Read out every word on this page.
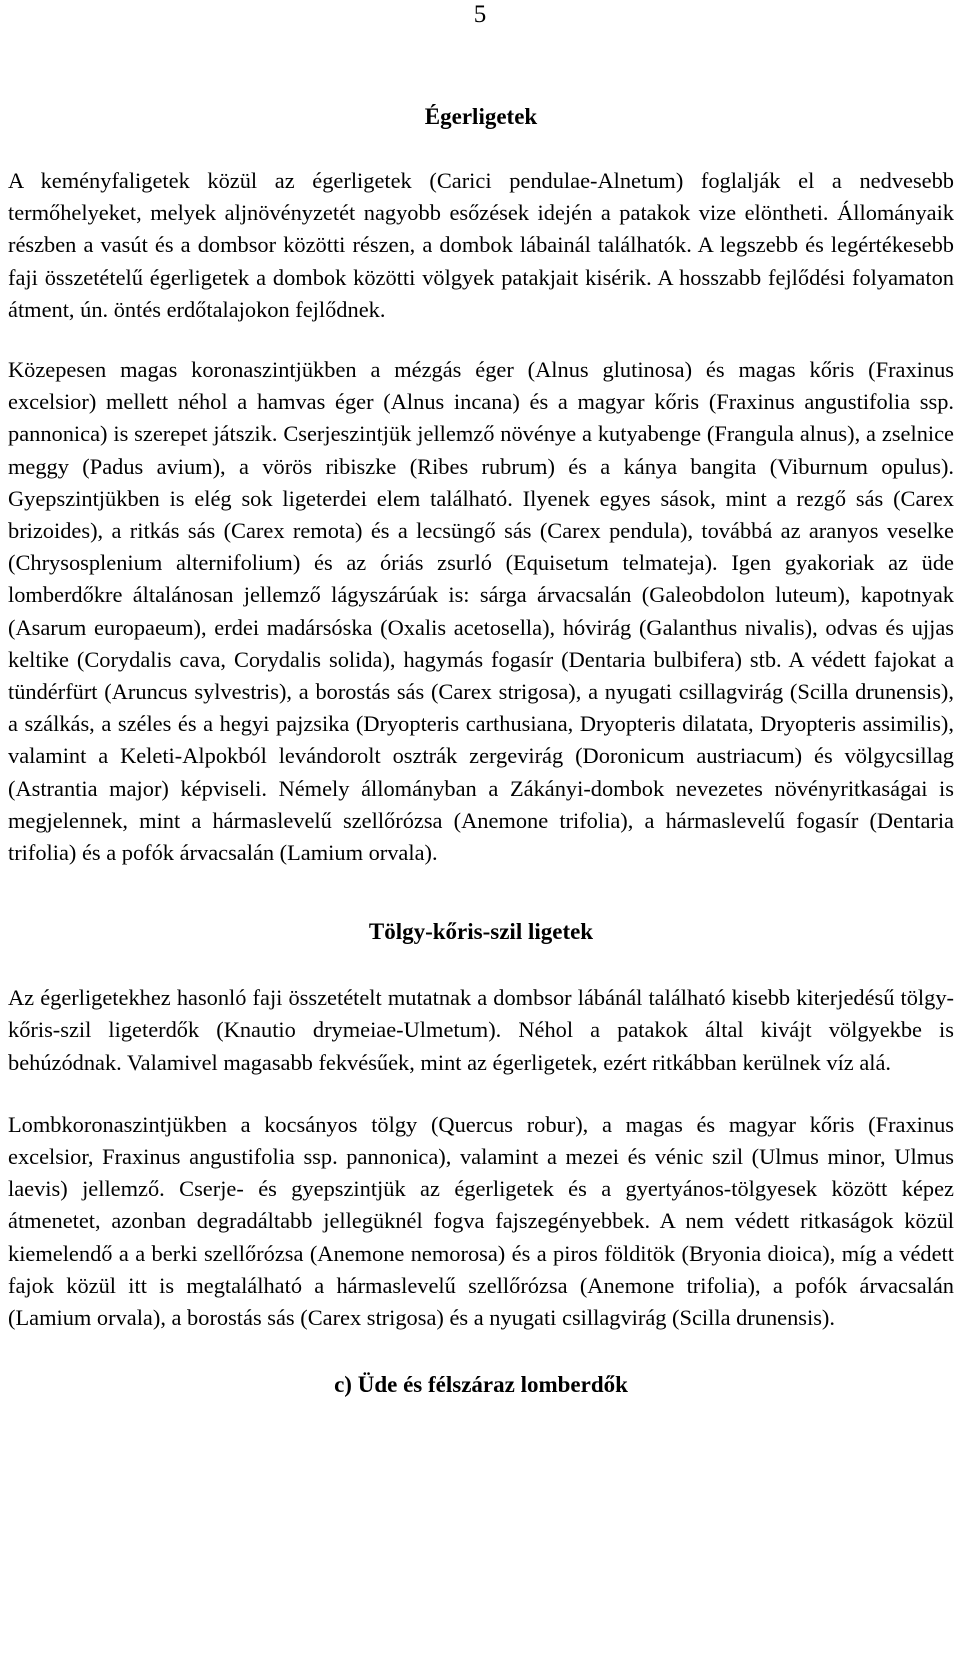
5
Égerligetek

A keményfaligetek közül az égerligetek (Carici pendulae-Alnetum) foglalják el a nedvesebb termőhelyeket, melyek aljnövényzetét nagyobb esőzések idején a patakok vize elöntheti. Állományaik részben a vasút és a dombsor közötti részen, a dombok lábainál találhatók. A legszebb és legértékesebb faji összetételű égerligetek a dombok közötti völgyek patakjait kisérik. A hosszabb fejlődési folyamaton átment, ún. öntés erdőtalajokon fejlődnek.

Közepesen magas koronaszintjükben a mézgás éger (Alnus glutinosa) és magas kőris (Fraxinus excelsior) mellett néhol a hamvas éger (Alnus incana) és a magyar kőris (Fraxinus angustifolia ssp. pannonica) is szerepet játszik. Cserjeszintjük jellemző növénye a kutyabenge (Frangula alnus), a zselnice meggy (Padus avium), a vörös ribiszke (Ribes rubrum) és a kánya bangita (Viburnum opulus). Gyepszintjükben is elég sok ligeterdei elem található. Ilyenek egyes sások, mint a rezgő sás (Carex brizoides), a ritkás sás (Carex remota) és a lecsüngő sás (Carex pendula), továbbá az aranyos veselke (Chrysosplenium alternifolium) és az óriás zsurló (Equisetum telmateja). Igen gyakoriak az üde lomberdőkre általánosan jellemző lágyszárúak is: sárga árvacsalán (Galeobdolon luteum), kapotnyak (Asarum europaeum), erdei madársóska (Oxalis acetosella), hóvirág (Galanthus nivalis), odvas és ujjas keltike (Corydalis cava, Corydalis solida), hagymás fogasír (Dentaria bulbifera) stb. A védett fajokat a tündérfürt (Aruncus sylvestris), a borostás sás (Carex strigosa), a nyugati csillagvirág (Scilla drunensis), a szálkás, a széles és a hegyi pajzsika (Dryopteris carthusiana, Dryopteris dilatata, Dryopteris assimilis), valamint a Keleti-Alpokból levándorolt osztrák zergevirág (Doronicum austriacum) és völgycsillag (Astrantia major) képviseli. Némely állományban a Zákányi-dombok nevezetes növényritkaságai is megjelennek, mint a hármaslevelű szellőrózsa (Anemone trifolia), a hármaslevelű fogasír (Dentaria trifolia) és a pofók árvacsalán (Lamium orvala).

Tölgy-kőris-szil ligetek

Az égerligetekhez hasonló faji összetételt mutatnak a dombsor lábánál található kisebb kiterjedésű tölgy-kőris-szil ligeterdők (Knautio drymeiae-Ulmetum). Néhol a patakok által kivájt völgyekbe is behúzódnak. Valamivel magasabb fekvésűek, mint az égerligetek, ezért ritkábban kerülnek víz alá.

Lombkoronaszintjükben a kocsányos tölgy (Quercus robur), a magas és magyar kőris (Fraxinus excelsior, Fraxinus angustifolia ssp. pannonica), valamint a mezei és vénic szil (Ulmus minor, Ulmus laevis) jellemző. Cserje- és gyepszintjük az égerligetek és a gyertyános-tölgyesek között képez átmenetet, azonban degradáltabb jellegüknél fogva fajszegényebbek. A nem védett ritkaságok közül kiemelendő a a berki szellőrózsa (Anemone nemorosa) és a piros földitök (Bryonia dioica), míg a védett fajok közül itt is megtalálható a hármaslevelű szellőrózsa (Anemone trifolia), a pofók árvacsalán (Lamium orvala), a borostás sás (Carex strigosa) és a nyugati csillagvirág (Scilla drunensis).

c) Üde és félszáraz lomberdők
